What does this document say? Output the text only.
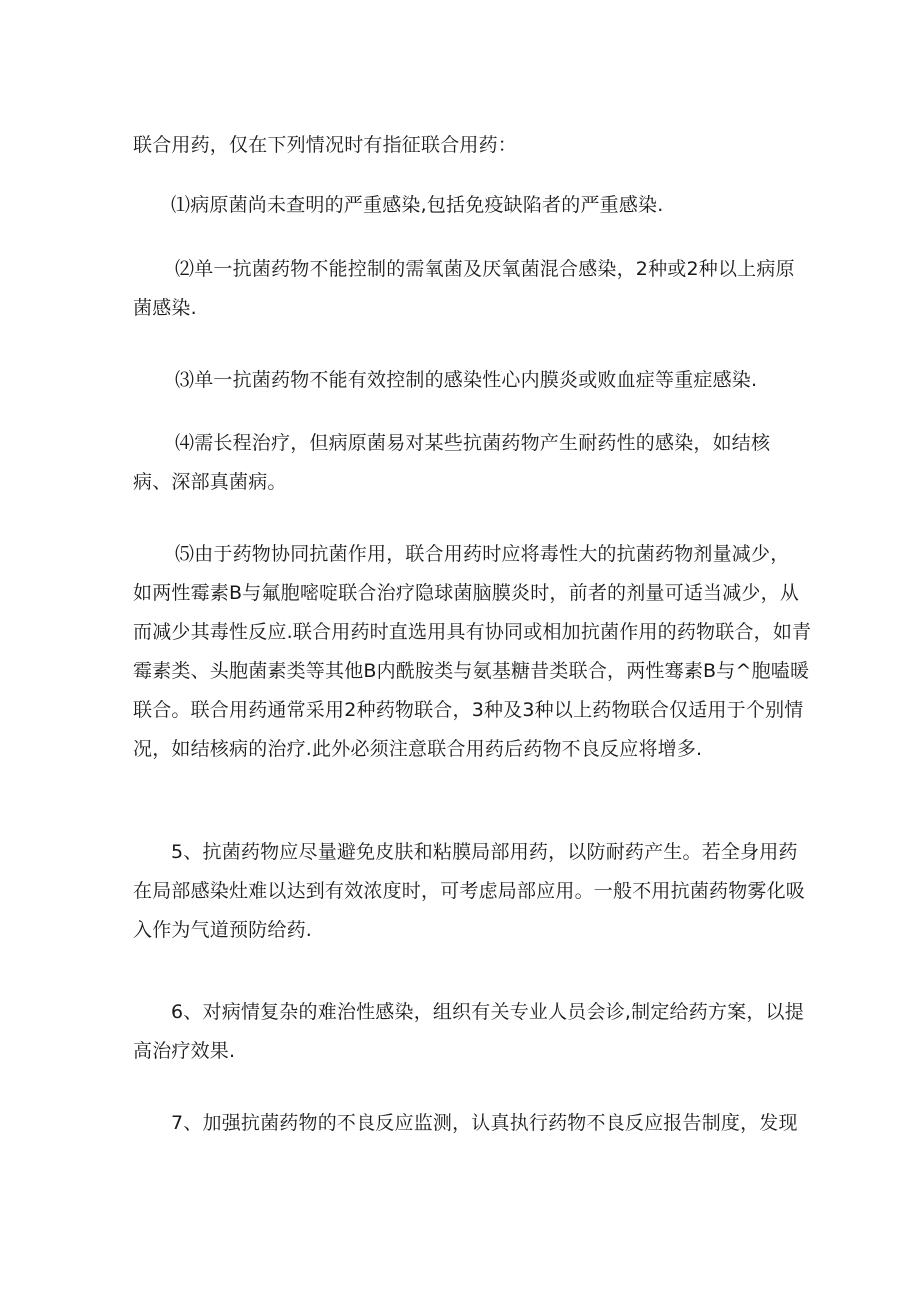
联合用药，仅在下列情况时有指征联合用药：

⑴病原菌尚未查明的严重感染,包括免疫缺陷者的严重感染.

⑵单一抗菌药物不能控制的需氧菌及厌氧菌混合感染，2种或2种以上病原
菌感染.

⑶单一抗菌药物不能有效控制的感染性心内膜炎或败血症等重症感染.

⑷需长程治疗，但病原菌易对某些抗菌药物产生耐药性的感染，如结核
病、深部真菌病。

⑸由于药物协同抗菌作用，联合用药时应将毒性大的抗菌药物剂量减少，
如两性霉素B与氟胞嘧啶联合治疗隐球菌脑膜炎时，前者的剂量可适当减少，从
而减少其毒性反应.联合用药时直选用具有协同或相加抗菌作用的药物联合，如青
霉素类、头胞菌素类等其他B内酰胺类与氨基糖昔类联合，两性骞素B与^胞嗑暖
联合。联合用药通常采用2种药物联合，3种及3种以上药物联合仅适用于个别情
况，如结核病的治疗.此外必须注意联合用药后药物不良反应将增多.

5、抗菌药物应尽量避免皮肤和粘膜局部用药，以防耐药产生。若全身用药
在局部感染灶难以达到有效浓度时，可考虑局部应用。一般不用抗菌药物雾化吸
入作为气道预防给药.

6、对病情复杂的难治性感染，组织有关专业人员会诊,制定给药方案，以提
高治疗效果.

7、加强抗菌药物的不良反应监测，认真执行药物不良反应报告制度，发现
